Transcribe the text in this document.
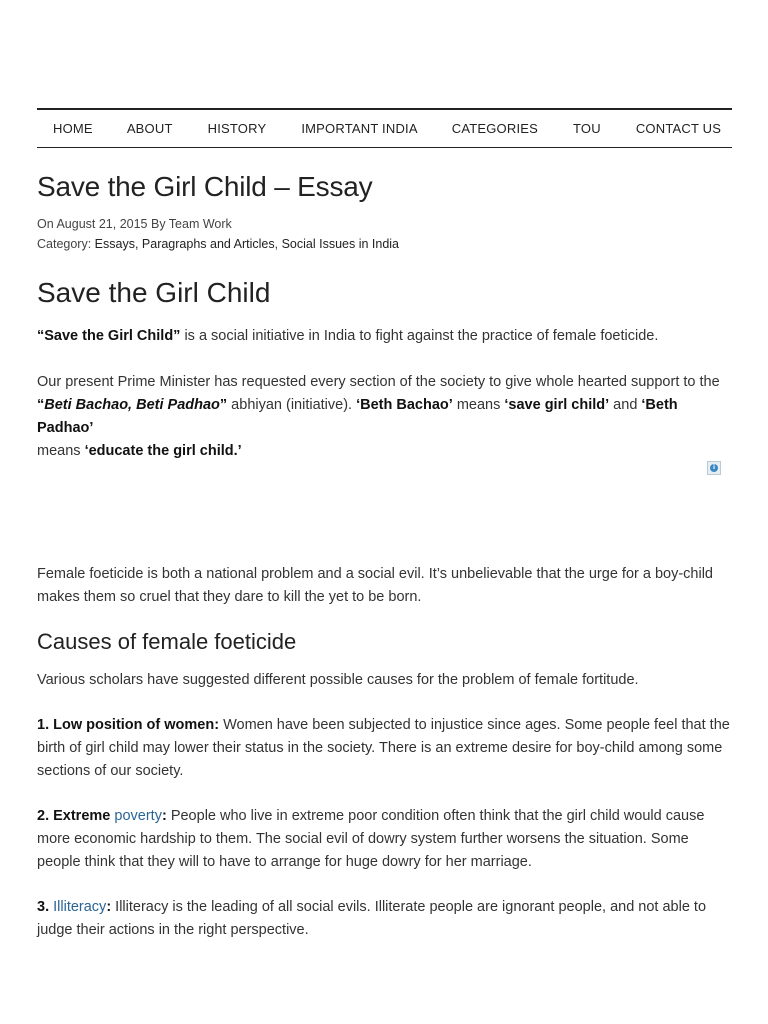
HOME	ABOUT	HISTORY	IMPORTANT INDIA	CATEGORIES	TOU	CONTACT US
Save the Girl Child – Essay
On August 21, 2015 By Team Work
Category: Essays, Paragraphs and Articles, Social Issues in India
Save the Girl Child

“Save the Girl Child” is a social initiative in India to fight against the practice of female foeticide.

Our present Prime Minister has requested every section of the society to give whole hearted support to the “Beti Bachao, Beti Padhao” abhiyan (initiative). ‘Beth Bachao’ means ‘save girl child’ and ‘Beth Padhao’
means ‘educate the girl child.’

i

Female foeticide is both a national problem and a social evil. It’s unbelievable that the urge for a boy-child makes them so cruel that they dare to kill the yet to be born.

Causes of female foeticide

Various scholars have suggested different possible causes for the problem of female fortitude.

1. Low position of women: Women have been subjected to injustice since ages. Some people feel that the birth of girl child may lower their status in the society. There is an extreme desire for boy-child among some sections of our society.

2. Extreme poverty: People who live in extreme poor condition often think that the girl child would cause more economic hardship to them. The social evil of dowry system further worsens the situation. Some people think that they will to have to arrange for huge dowry for her marriage.

3. Illiteracy: Illiteracy is the leading of all social evils. Illiterate people are ignorant people, and not able to judge their actions in the right perspective.
